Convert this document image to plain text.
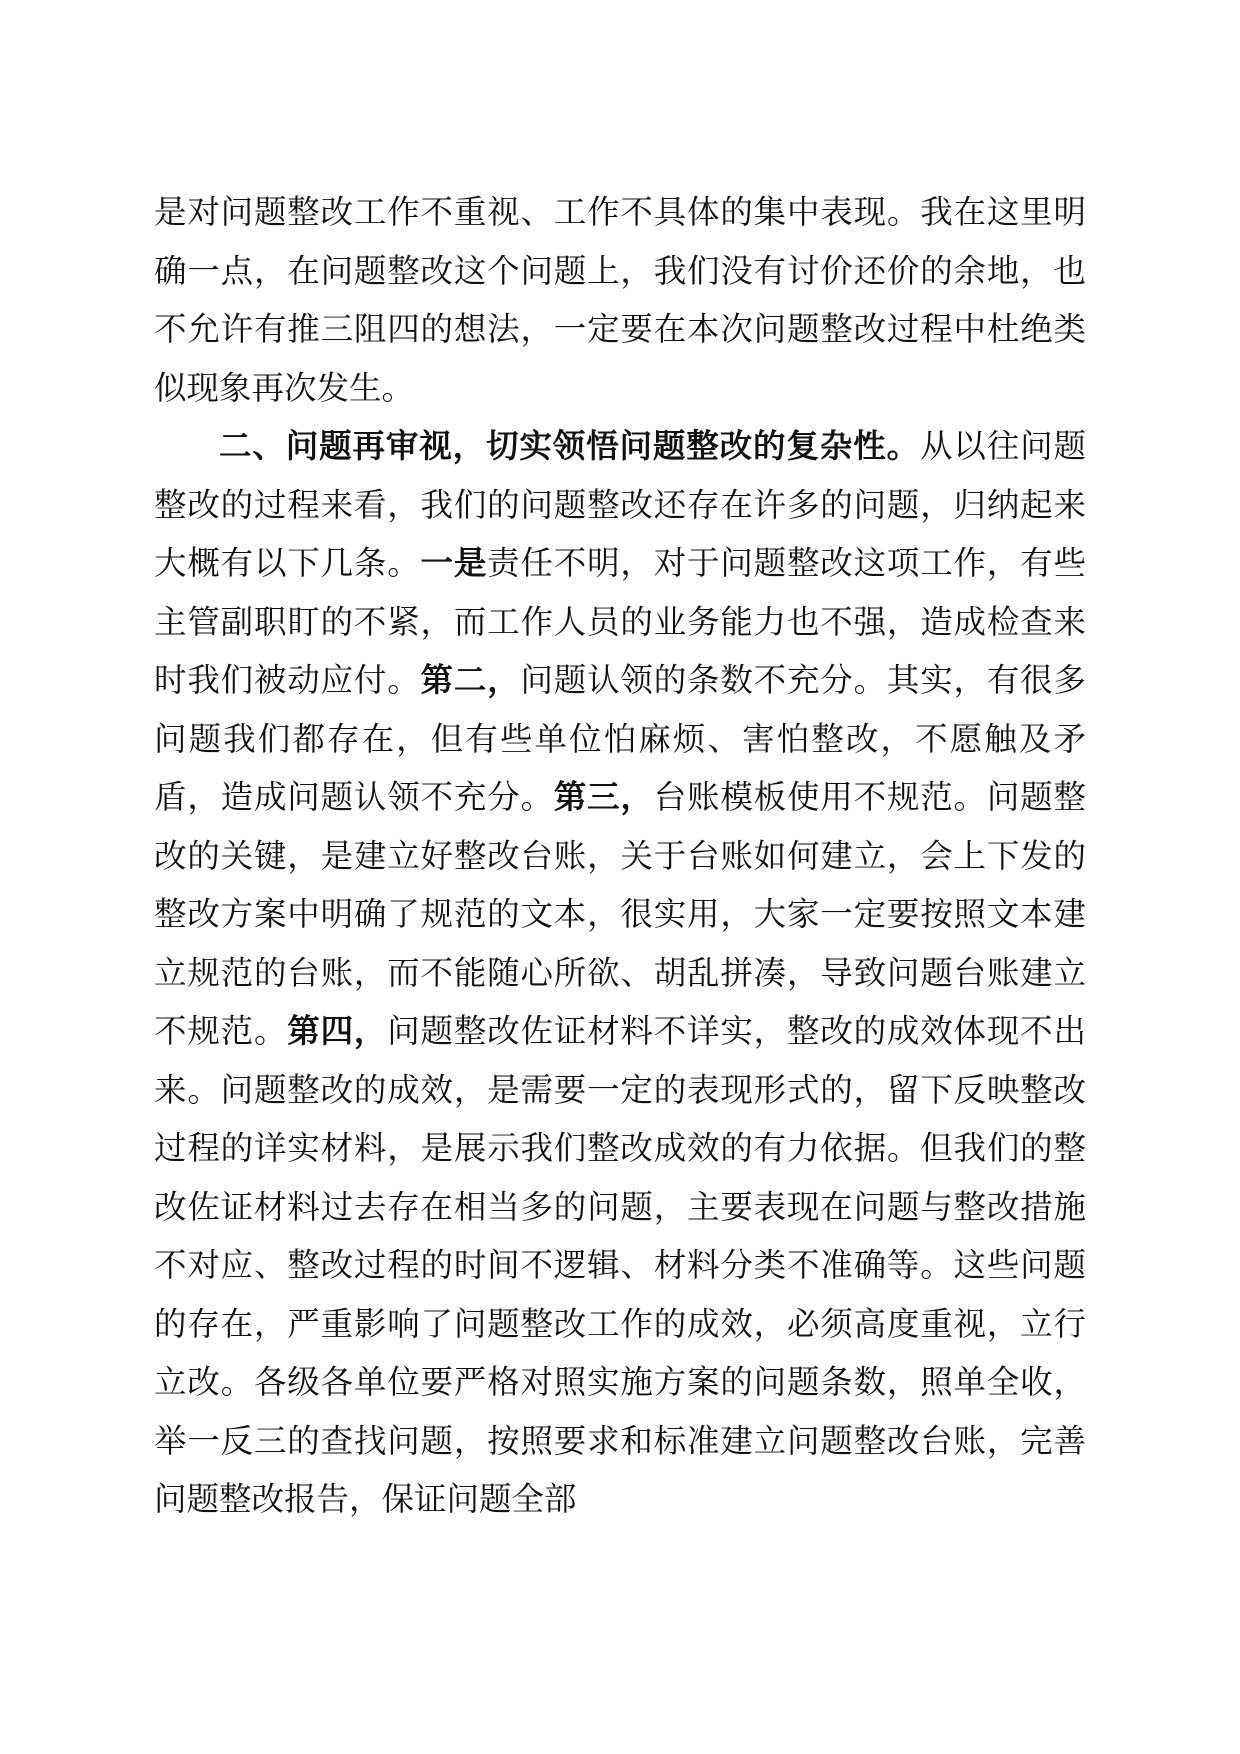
是对问题整改工作不重视、工作不具体的集中表现。我在这里明确一点，在问题整改这个问题上，我们没有讨价还价的余地，也不允许有推三阻四的想法，一定要在本次问题整改过程中杜绝类似现象再次发生。

二、问题再审视，切实领悟问题整改的复杂性。从以往问题整改的过程来看，我们的问题整改还存在许多的问题，归纳起来大概有以下几条。一是责任不明，对于问题整改这项工作，有些主管副职盯的不紧，而工作人员的业务能力也不强，造成检查来时我们被动应付。第二，问题认领的条数不充分。其实，有很多问题我们都存在，但有些单位怕麻烦、害怕整改，不愿触及矛盾，造成问题认领不充分。第三，台账模板使用不规范。问题整改的关键，是建立好整改台账，关于台账如何建立，会上下发的整改方案中明确了规范的文本，很实用，大家一定要按照文本建立规范的台账，而不能随心所欲、胡乱拼凑，导致问题台账建立不规范。第四，问题整改佐证材料不详实，整改的成效体现不出来。问题整改的成效，是需要一定的表现形式的，留下反映整改过程的详实材料，是展示我们整改成效的有力依据。但我们的整改佐证材料过去存在相当多的问题，主要表现在问题与整改措施不对应、整改过程的时间不逻辑、材料分类不准确等。这些问题的存在，严重影响了问题整改工作的成效，必须高度重视，立行立改。各级各单位要严格对照实施方案的问题条数，照单全收，举一反三的查找问题，按照要求和标准建立问题整改台账，完善问题整改报告，保证问题全部
